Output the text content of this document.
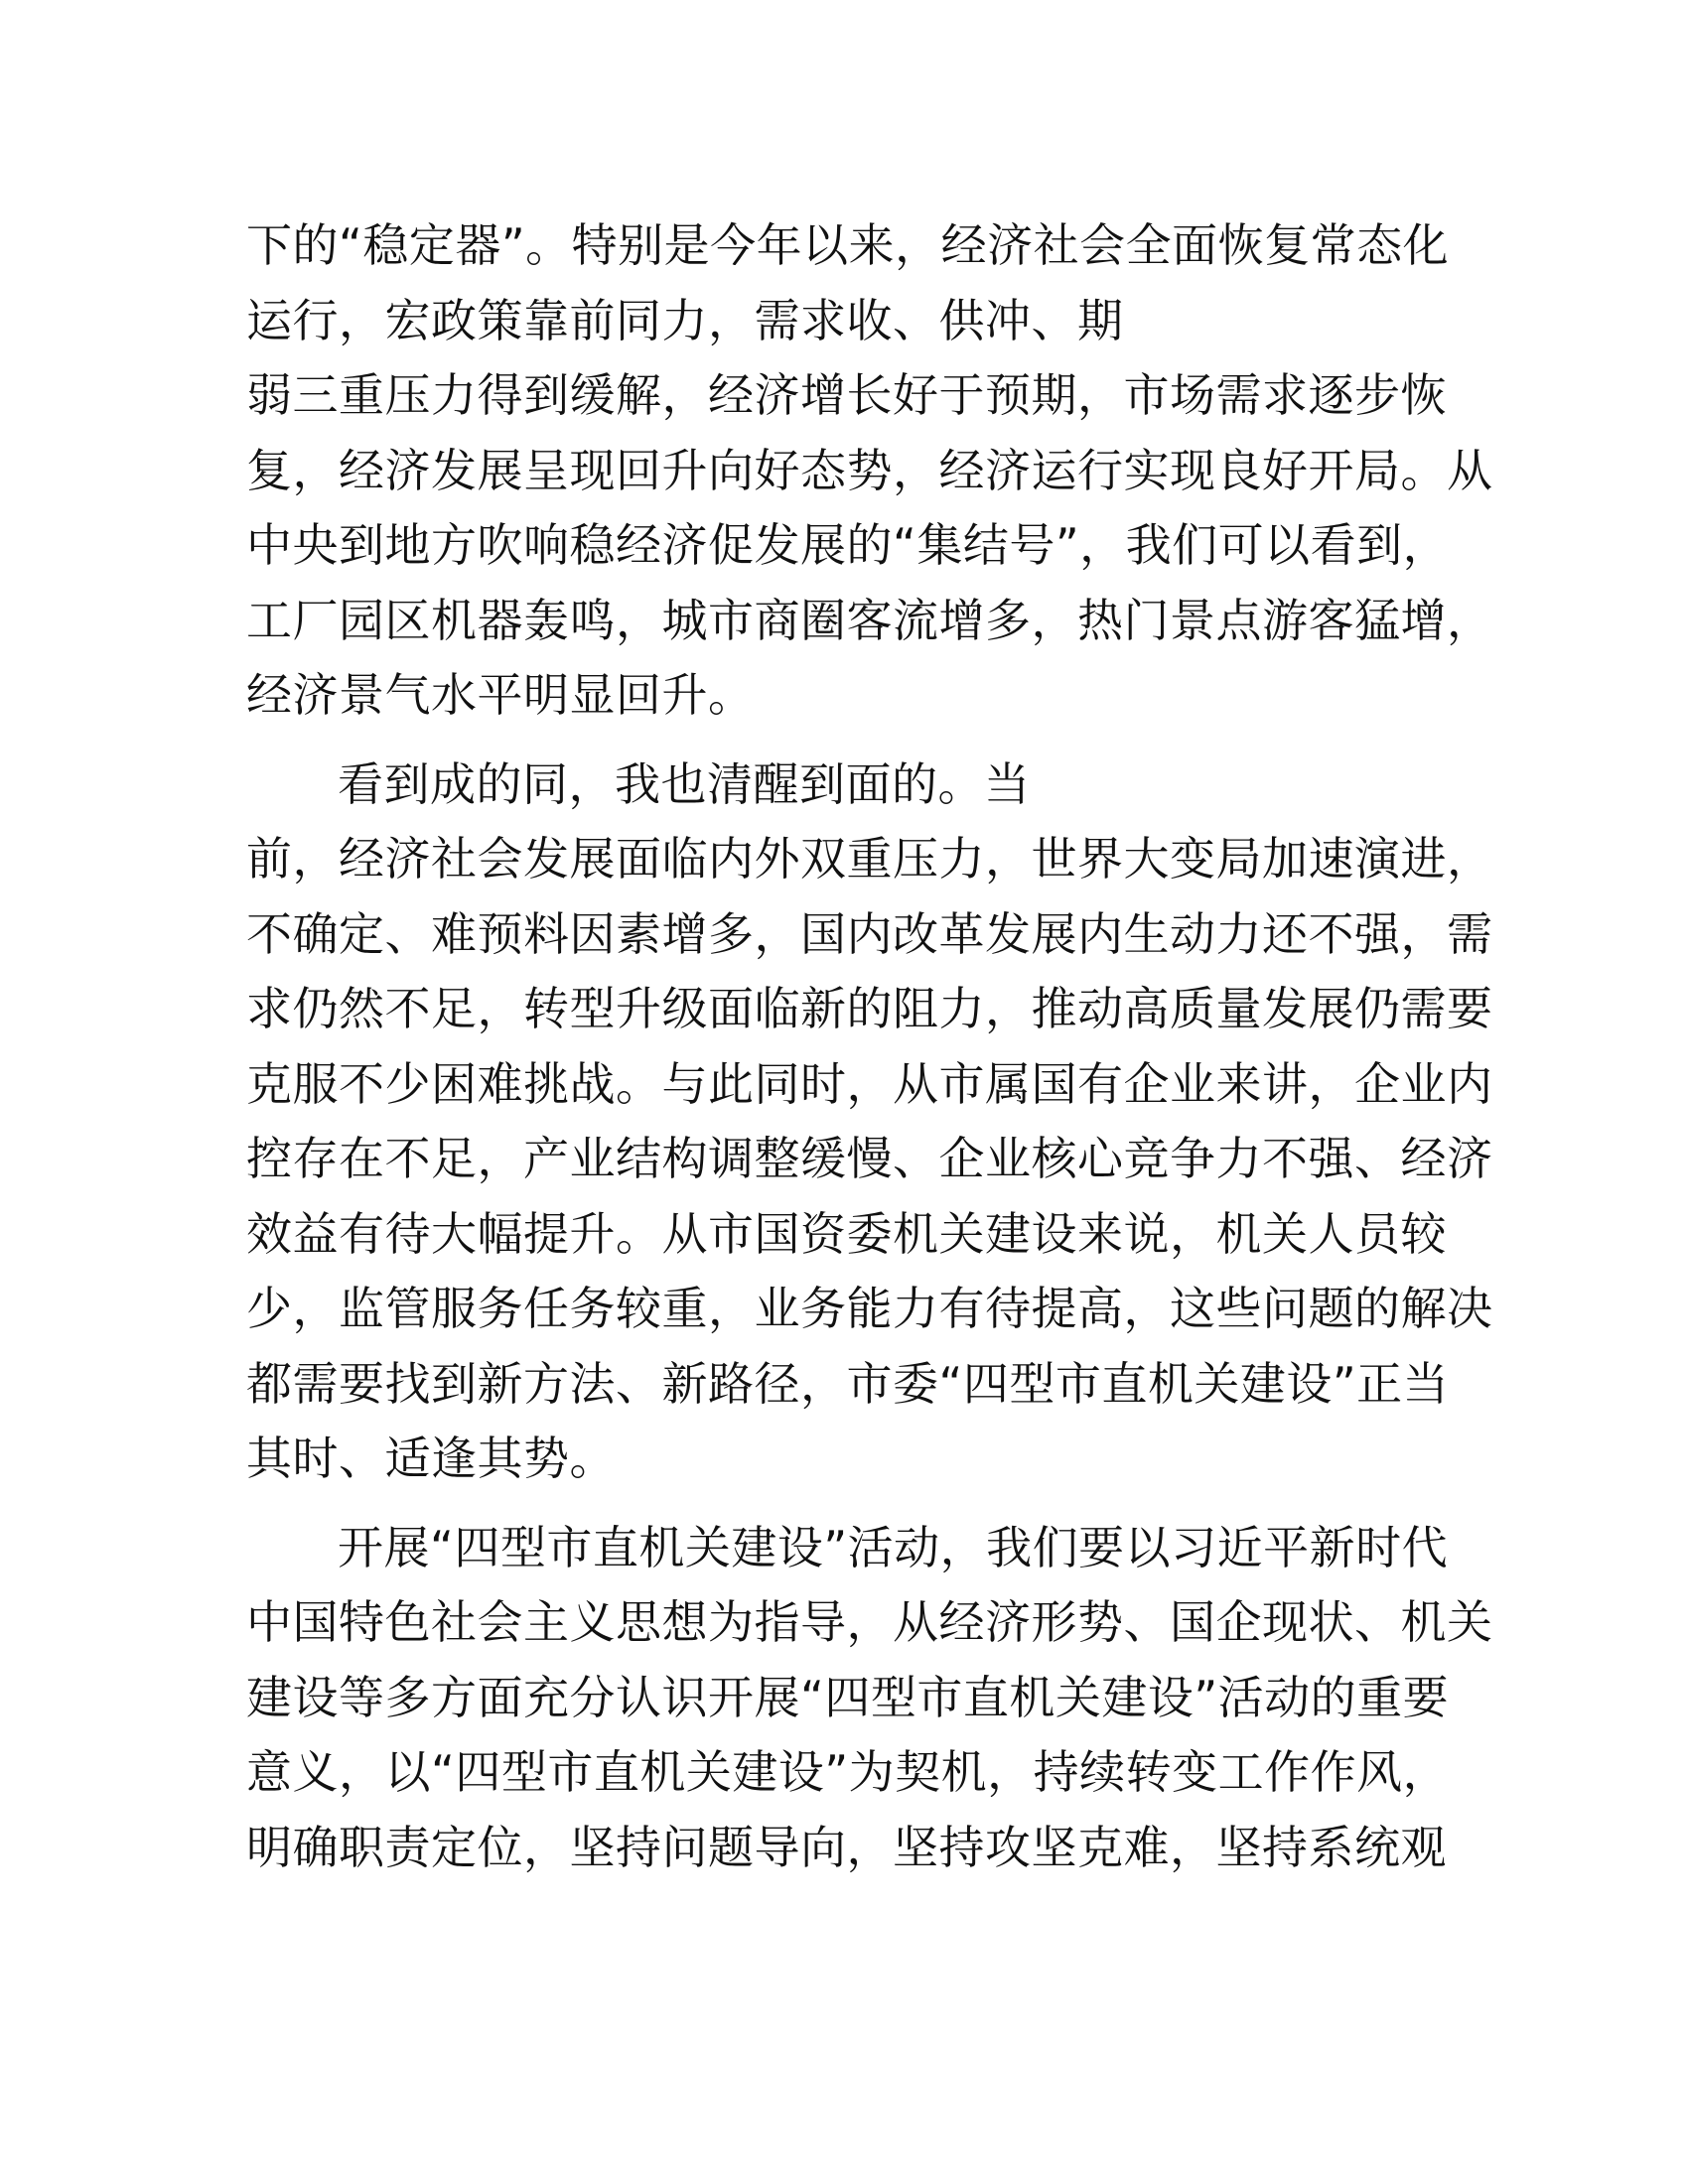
下的“稳定器”。特别是今年以来，经济社会全面恢复常态化
运行，宏政策靠前同力，需求收、供冲、期
弱三重压力得到缓解，经济增长好于预期，市场需求逐步恢
复，经济发展呈现回升向好态势，经济运行实现良好开局。从
中央到地方吹响稳经济促发展的“集结号”，我们可以看到，
工厂园区机器轰鸣，城市商圈客流增多，热门景点游客猛增，
经济景气水平明显回升。
看到成的同，我也清醒到面的。当
前，经济社会发展面临内外双重压力，世界大变局加速演进，
不确定、难预料因素增多，国内改革发展内生动力还不强，需
求仍然不足，转型升级面临新的阻力，推动高质量发展仍需要
克服不少困难挑战。与此同时，从市属国有企业来讲，企业内
控存在不足，产业结构调整缓慢、企业核心竞争力不强、经济
效益有待大幅提升。从市国资委机关建设来说，机关人员较
少，监管服务任务较重，业务能力有待提高，这些问题的解决
都需要找到新方法、新路径，市委“四型市直机关建设”正当
其时、适逢其势。
开展“四型市直机关建设”活动，我们要以习近平新时代
中国特色社会主义思想为指导，从经济形势、国企现状、机关
建设等多方面充分认识开展“四型市直机关建设”活动的重要
意义，以“四型市直机关建设”为契机，持续转变工作作风，
明确职责定位，坚持问题导向，坚持攻坚克难，坚持系统观
